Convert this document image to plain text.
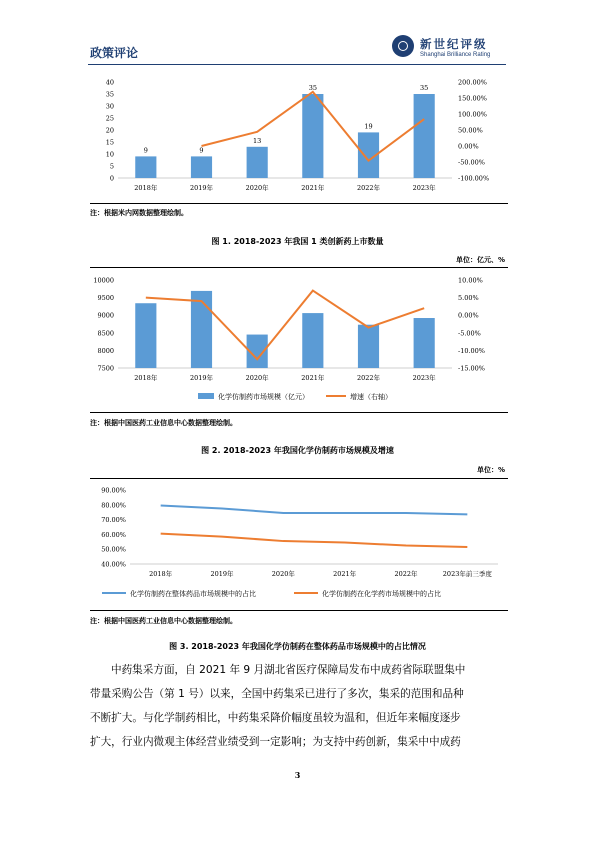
政策评论
新世纪评级
Shanghai Brilliance Rating
0
5
10
15
20
25
30
35
40
-100.00%
-50.00%
0.00%
50.00%
100.00%
150.00%
200.00%
2018年	2019年	2020年	2021年	2022年	2023年
9	9
13
35
19
35
注：根据米内网数据整理绘制。
图 1. 2018-2023 年我国 1 类创新药上市数量
单位：亿元、%
7500
8000
8500
9000
9500
10000
-15.00%
-10.00%
-5.00%
0.00%
5.00%
10.00%
2018年	2019年	2020年	2021年	2022年	2023年
化学仿制药市场规模（亿元）	增速（右轴）
注：根据中国医药工业信息中心数据整理绘制。
图 2. 2018-2023 年我国化学仿制药市场规模及增速
单位：%
40.00%
50.00%
60.00%
70.00%
80.00%
90.00%
2018年	2019年	2020年	2021年	2022年	2023年前三季度
化学仿制药在整体药品市场规模中的占比	化学仿制药在化学药市场规模中的占比
注：根据中国医药工业信息中心数据整理绘制。
图 3. 2018-2023 年我国化学仿制药在整体药品市场规模中的占比情况
中药集采方面，自 2021 年 9 月湖北省医疗保障局发布中成药省际联盟集中
带量采购公告（第 1 号）以来，全国中药集采已进行了多次，集采的范围和品种
不断扩大。与化学制药相比，中药集采降价幅度虽较为温和，但近年来幅度逐步
扩大，行业内微观主体经营业绩受到一定影响；为支持中药创新，集采中中成药
3
